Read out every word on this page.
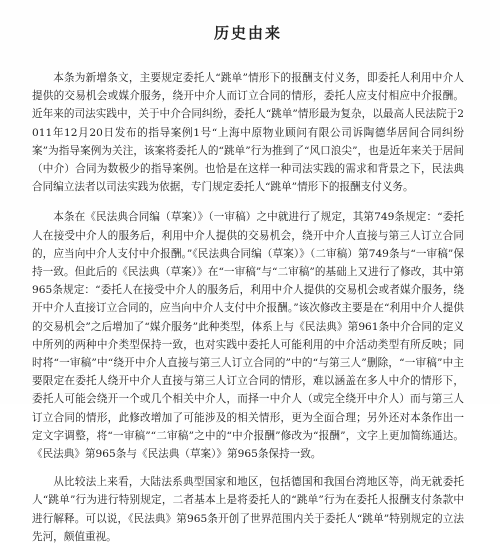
历史由来

本条为新增条文，主要规定委托人“跳单”情形下的报酬支付义务，即委托人利用中介人提供的交易机会或媒介服务，绕开中介人而订立合同的情形，委托人应支付相应中介报酬。近年来的司法实践中，关于中介合同纠纷，委托人“跳单”情形最为复杂，以最高人民法院于2011年12月20日发布的指导案例1号“上海中原物业顾问有限公司诉陶德华居间合同纠纷案”为指导案例为关注，该案将委托人的“跳单”行为推到了“风口浪尖”，也是近年来关于居间（中介）合同为数极少的指导案例。也恰是在这样一种司法实践的需求和背景之下，民法典合同编立法者以司法实践为依据，专门规定委托人“跳单”情形下的报酬支付义务。

本条在《民法典合同编（草案）》（一审稿）之中就进行了规定，其第749条规定：“委托人在接受中介人的服务后，利用中介人提供的交易机会，绕开中介人直接与第三人订立合同的，应当向中介人支付中介报酬。”《民法典合同编（草案）》（二审稿）第749条与“一审稿”保持一致。但此后的《民法典（草案）》在“一审稿”与“二审稿”的基础上又进行了修改，其中第965条规定：“委托人在接受中介人的服务后，利用中介人提供的交易机会或者媒介服务，绕开中介人直接订立合同的，应当向中介人支付中介报酬。”该次修改主要是在“利用中介人提供的交易机会”之后增加了“媒介服务”此种类型，体系上与《民法典》第961条中介合同的定义中所列的两种中介类型保持一致，也对实践中委托人可能利用的中介活动类型有所反映；同时将“一审稿”中“绕开中介人直接与第三人订立合同的”中的“与第三人”删除，“一审稿”中主要限定在委托人绕开中介人直接与第三人订立合同的情形，难以涵盖在多人中介的情形下，委托人可能会绕开一个或几个相关中介人，而择一中介人（或完全绕开中介人）而与第三人订立合同的情形，此修改增加了可能涉及的相关情形，更为全面合理；另外还对本条作出一定文字调整，将“一审稿”“二审稿”之中的“中介报酬”修改为“报酬”，文字上更加简练通达。《民法典》第965条与《民法典（草案）》第965条保持一致。

从比较法上来看，大陆法系典型国家和地区，包括德国和我国台湾地区等，尚无就委托人“跳单”行为进行特别规定，二者基本上是将委托人的“跳单”行为在委托人报酬支付条款中进行解释。可以说，《民法典》第965条开创了世界范围内关于委托人“跳单”特别规定的立法先河，颇值重视。
